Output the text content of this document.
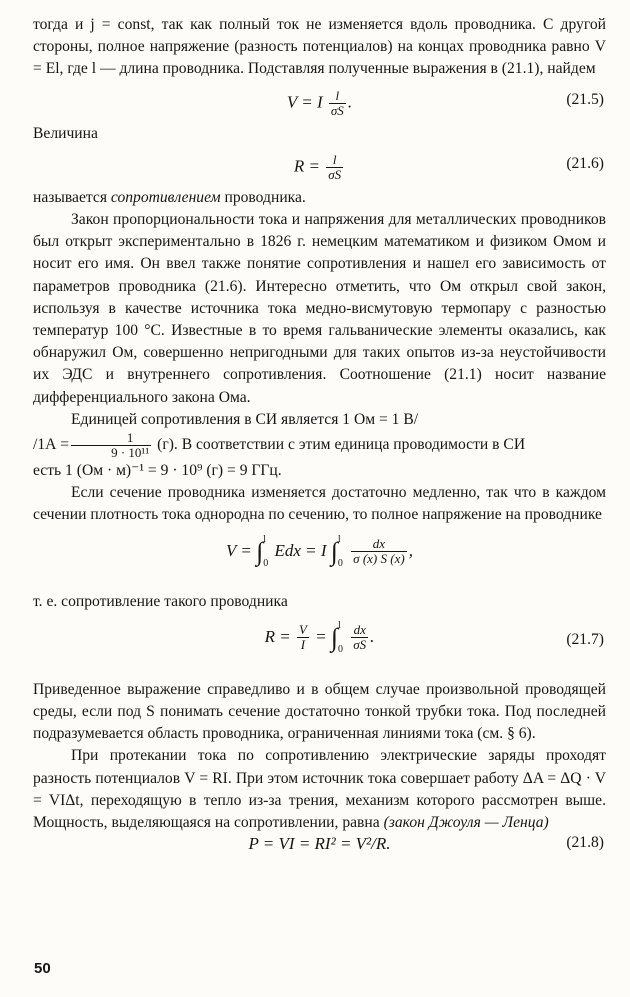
тогда и j = const, так как полный ток не изменяется вдоль проводника. С другой стороны, полное напряжение (разность потенциалов) на концах проводника равно V = El, где l — длина проводника. Подставляя полученные выражения в (21.1), найдем

V = I $\frac{l}{\sigma S}$ .	(21.5)

Величина

$R = \frac{l}{\sigma S}$	(21.6)

называется сопротивлением проводника.

Закон пропорциональности тока и напряжения для металлических проводников был открыт экспериментально в 1826 г. немецким математиком и физиком Омом и носит его имя. Он ввел также понятие сопротивления и нашел его зависимость от параметров проводника (21.6). Интересно отметить, что Ом открыл свой закон, используя в качестве источника тока медно-висмутовую термопару с разностью температур 100 °С. Известные в то время гальванические элементы оказались, как обнаружил Ом, совершенно непригодными для таких опытов из-за неустойчивости их ЭДС и внутреннего сопротивления. Соотношение (21.1) носит название дифференциального закона Ома.

Единицей сопротивления в СИ является 1 Ом = 1 В/
$/1А = \frac{1}{\text{9 · 10¹¹}} (г)$. В соответствии с этим единица проводимости в СИ
есть 1 (Ом · м)⁻¹ = 9 · 10⁹ (г) = 9 ГГц.

Если сечение проводника изменяется достаточно медленно, так что в каждом сечении плотность тока однородна по сечению, то полное напряжение на проводнике

V = ∫ l
0
Edx = I ∫ l
0
$\frac{dx}{\sigma (x) S (x)}$ ,

т. е. сопротивление такого проводника

$R = \frac{V}{I}$ = ∫ l
0
$\frac{dx}{\sigma S}$ .	(21.7)

Приведенное выражение справедливо и в общем случае произвольной проводящей среды, если под S понимать сечение достаточно тонкой трубки тока. Под последней подразумевается область проводника, ограниченная линиями тока (см. § 6).

При протекании тока по сопротивлению электрические заряды проходят разность потенциалов V = RI. При этом источник тока совершает работу ΔA = ΔQ · V = VIΔt, переходящую в тепло из-за трения, механизм которого рассмотрен выше. Мощность, выделяющаяся на сопротивлении, равна (закон Джоуля — Ленца)

P = VI = RI² = V²/R.	(21.8)
50
